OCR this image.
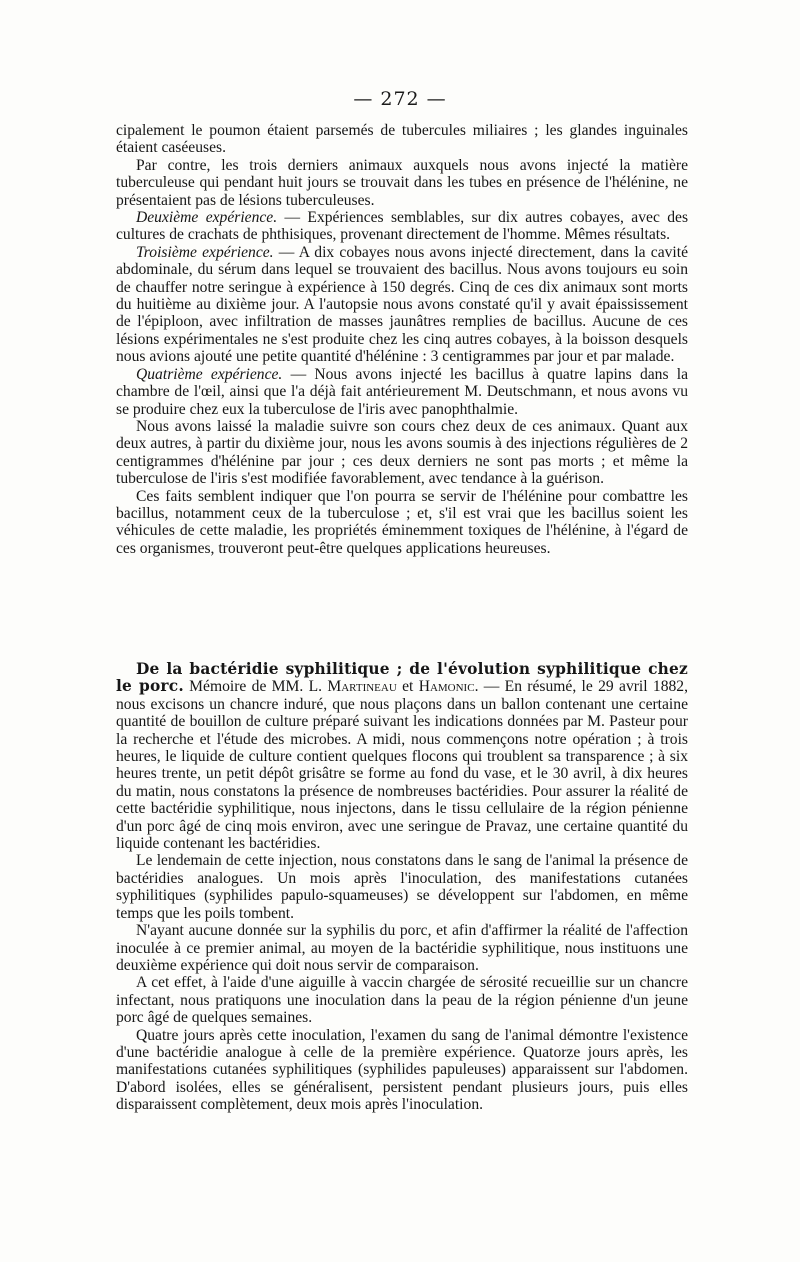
— 272 —

cipalement le poumon étaient parsemés de tubercules miliaires ; les glandes inguinales étaient caséeuses.

Par contre, les trois derniers animaux auxquels nous avons injecté la matière tuberculeuse qui pendant huit jours se trouvait dans les tubes en présence de l'hélénine, ne présentaient pas de lésions tuberculeuses.

Deuxième expérience. — Expériences semblables, sur dix autres cobayes, avec des cultures de crachats de phthisiques, provenant directement de l'homme. Mêmes résultats.

Troisième expérience. — A dix cobayes nous avons injecté directement, dans la cavité abdominale, du sérum dans lequel se trouvaient des bacillus. Nous avons toujours eu soin de chauffer notre seringue à expérience à 150 degrés. Cinq de ces dix animaux sont morts du huitième au dixième jour. A l'autopsie nous avons constaté qu'il y avait épaississement de l'épiploon, avec infiltration de masses jaunâtres remplies de bacillus. Aucune de ces lésions expérimentales ne s'est produite chez les cinq autres cobayes, à la boisson desquels nous avions ajouté une petite quantité d'hélénine : 3 centigrammes par jour et par malade.

Quatrième expérience. — Nous avons injecté les bacillus à quatre lapins dans la chambre de l'œil, ainsi que l'a déjà fait antérieurement M. Deutschmann, et nous avons vu se produire chez eux la tuberculose de l'iris avec panophthalmie.

Nous avons laissé la maladie suivre son cours chez deux de ces animaux. Quant aux deux autres, à partir du dixième jour, nous les avons soumis à des injections régulières de 2 centigrammes d'hélénine par jour ; ces deux derniers ne sont pas morts ; et même la tuberculose de l'iris s'est modifiée favorablement, avec tendance à la guérison.

Ces faits semblent indiquer que l'on pourra se servir de l'hélénine pour combattre les bacillus, notamment ceux de la tuberculose ; et, s'il est vrai que les bacillus soient les véhicules de cette maladie, les propriétés éminemment toxiques de l'hélénine, à l'égard de ces organismes, trouveront peut-être quelques applications heureuses.

De la bactéridie syphilitique ; de l'évolution syphilitique chez le porc. Mémoire de MM. L. Martineau et Hamonic. — En résumé, le 29 avril 1882, nous excisons un chancre induré, que nous plaçons dans un ballon contenant une certaine quantité de bouillon de culture préparé suivant les indications données par M. Pasteur pour la recherche et l'étude des microbes. A midi, nous commençons notre opération ; à trois heures, le liquide de culture contient quelques flocons qui troublent sa transparence ; à six heures trente, un petit dépôt grisâtre se forme au fond du vase, et le 30 avril, à dix heures du matin, nous constatons la présence de nombreuses bactéridies. Pour assurer la réalité de cette bactéridie syphilitique, nous injectons, dans le tissu cellulaire de la région pénienne d'un porc âgé de cinq mois environ, avec une seringue de Pravaz, une certaine quantité du liquide contenant les bactéridies.

Le lendemain de cette injection, nous constatons dans le sang de l'animal la présence de bactéridies analogues. Un mois après l'inoculation, des manifestations cutanées syphilitiques (syphilides papulo-squameuses) se développent sur l'abdomen, en même temps que les poils tombent.

N'ayant aucune donnée sur la syphilis du porc, et afin d'affirmer la réalité de l'affection inoculée à ce premier animal, au moyen de la bactéridie syphilitique, nous instituons une deuxième expérience qui doit nous servir de comparaison.

A cet effet, à l'aide d'une aiguille à vaccin chargée de sérosité recueillie sur un chancre infectant, nous pratiquons une inoculation dans la peau de la région pénienne d'un jeune porc âgé de quelques semaines.

Quatre jours après cette inoculation, l'examen du sang de l'animal démontre l'existence d'une bactéridie analogue à celle de la première expérience. Quatorze jours après, les manifestations cutanées syphilitiques (syphilides papuleuses) apparaissent sur l'abdomen. D'abord isolées, elles se généralisent, persistent pendant plusieurs jours, puis elles disparaissent complètement, deux mois après l'inoculation.
